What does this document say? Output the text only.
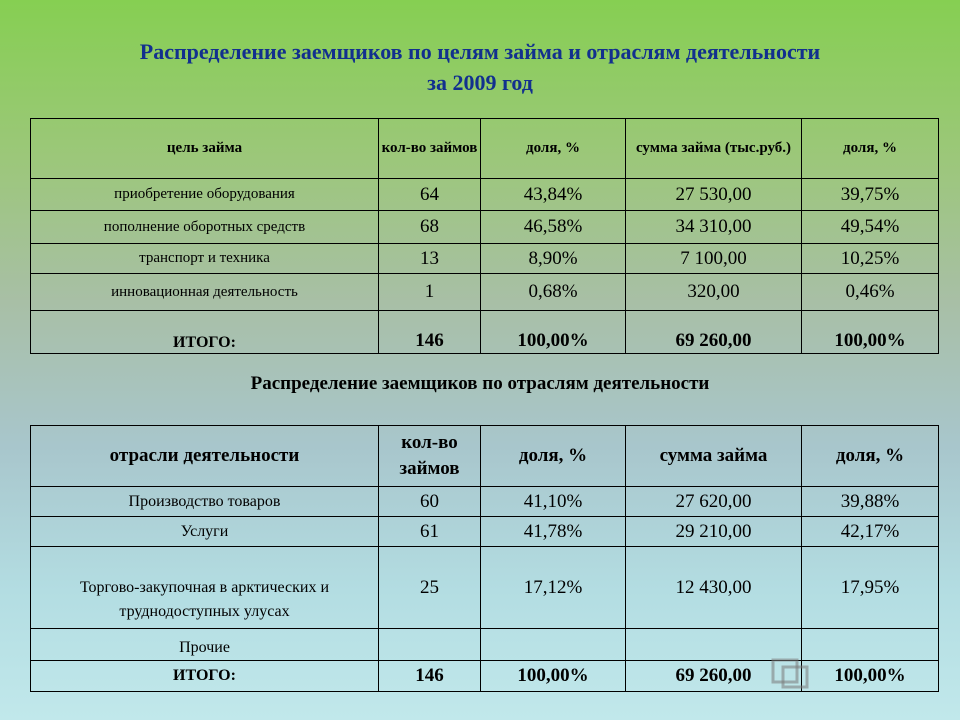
Распределение заемщиков по целям займа и отраслям деятельности
за 2009 год
цель займа	кол-во займов	доля, %	сумма займа (тыс.руб.)	доля, %
приобретение оборудования	64	43,84%	27 530,00	39,75%
пополнение оборотных средств	68	46,58%	34 310,00	49,54%
транспорт и техника	13	8,90%	7 100,00	10,25%
инновационная деятельность	1	0,68%	320,00	0,46%
ИТОГО:	146	100,00%	69 260,00	100,00%
Распределение заемщиков по отраслям деятельности
отрасли деятельности	кол-во займов	доля, %	сумма займа	доля, %
Производство товаров	60	41,10%	27 620,00	39,88%
Услуги	61	41,78%	29 210,00	42,17%
Торгово-закупочная в арктических и труднодоступных улусах	25	17,12%	12 430,00	17,95%
Прочие				
ИТОГО:	146	100,00%	69 260,00	100,00%
